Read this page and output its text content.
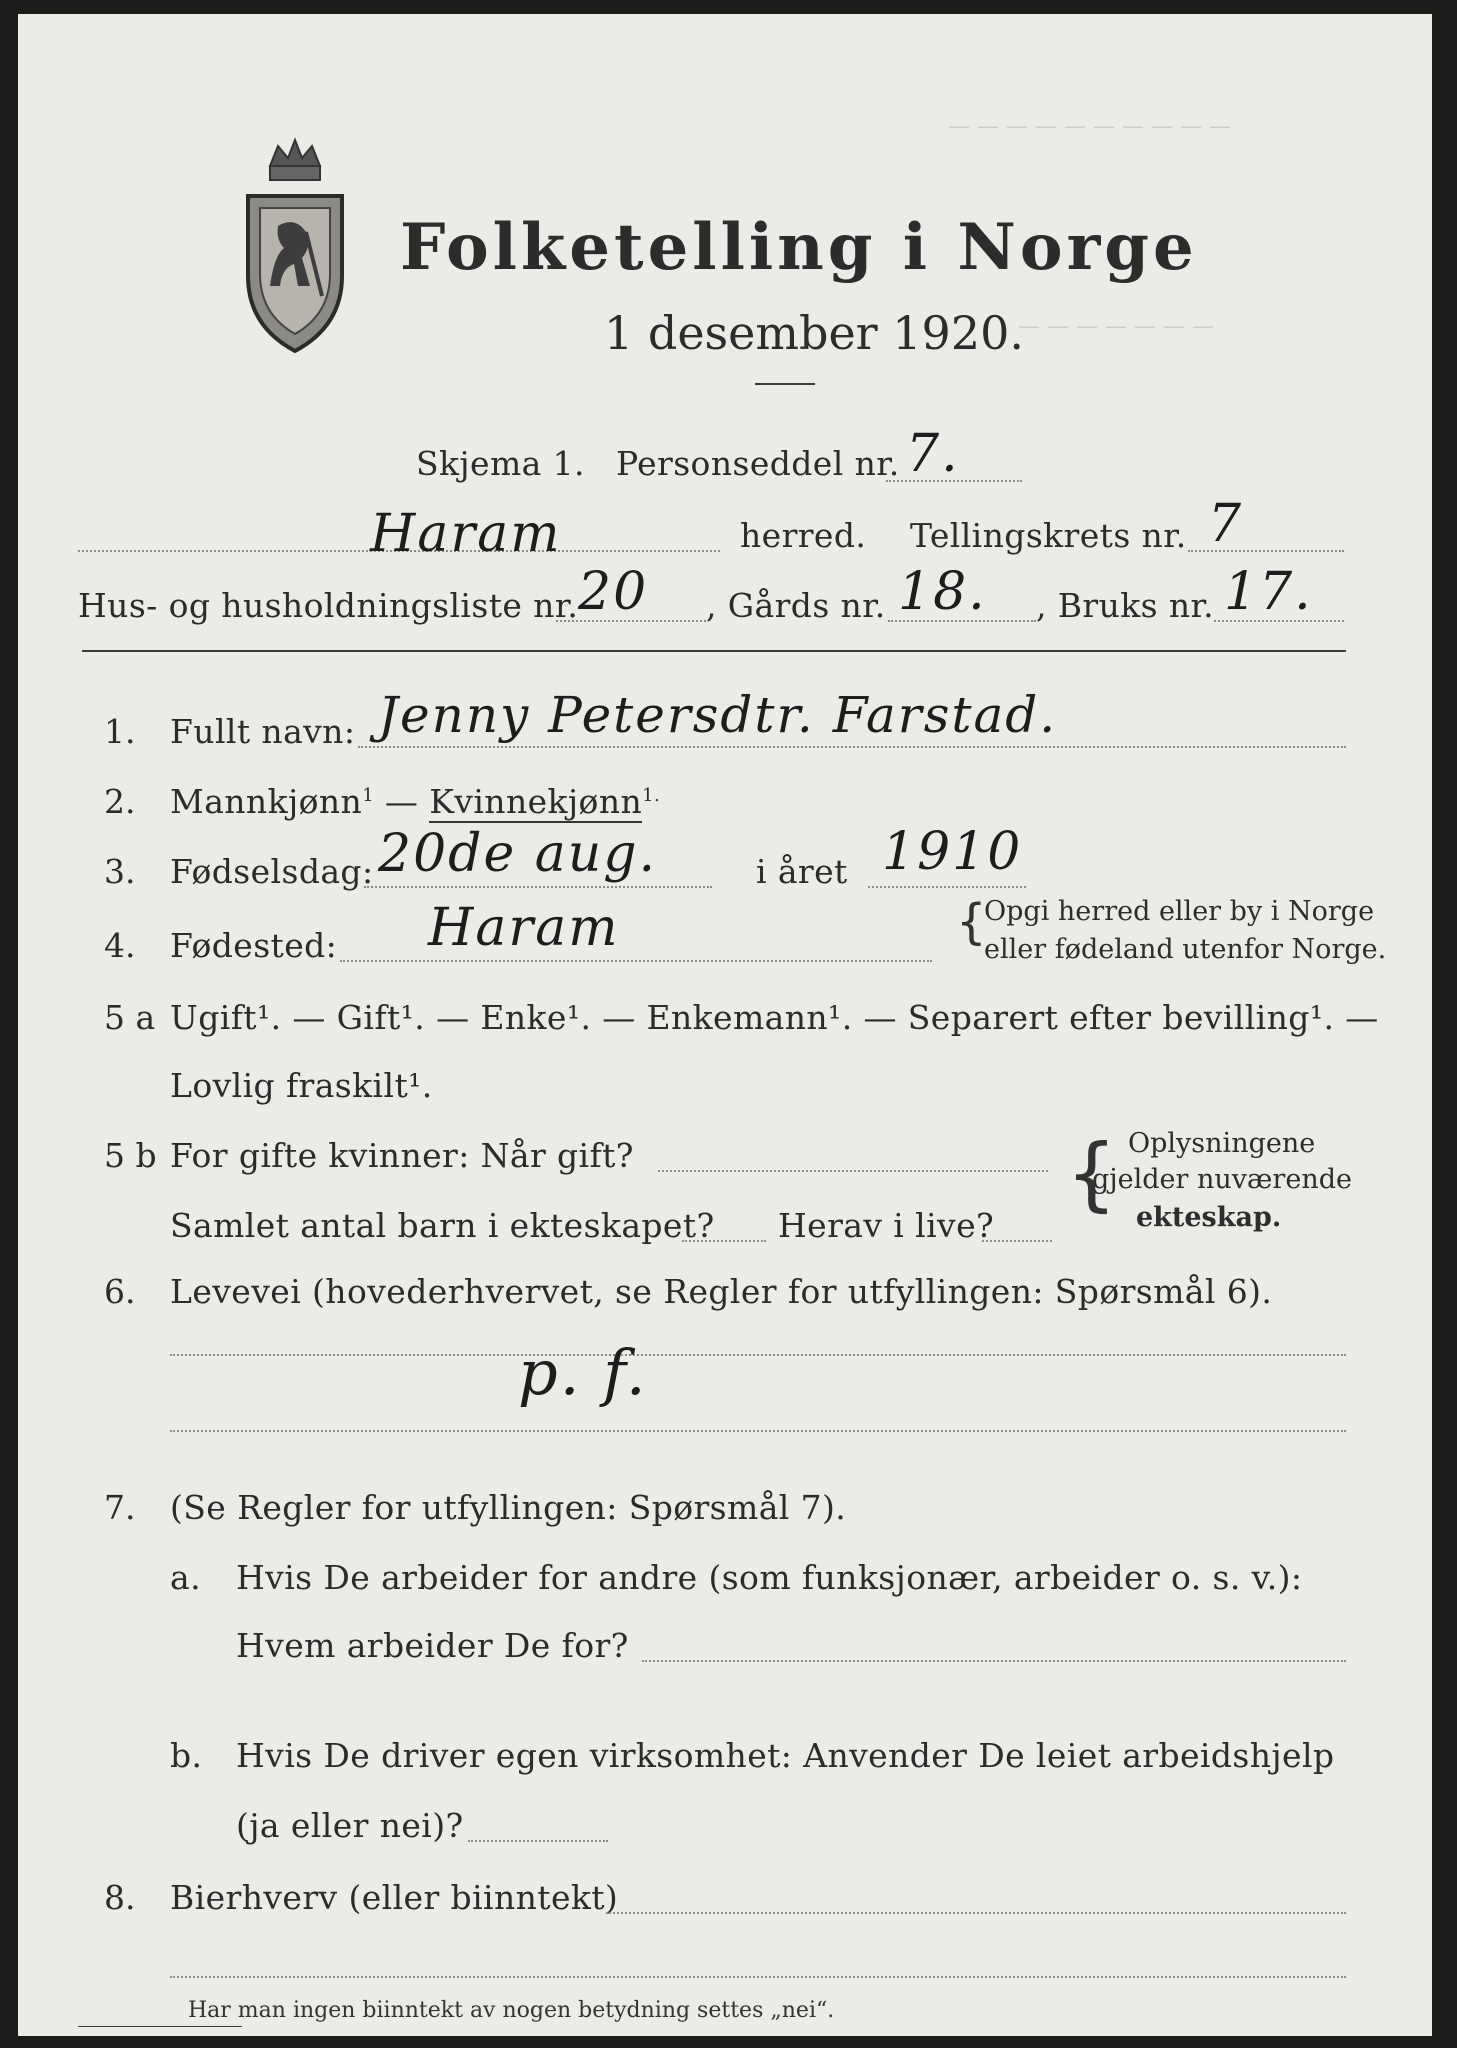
— — — — — — — — — —
— — — — — — —
Folketelling i Norge
1 desember 1920.
Skjema 1. Personseddel nr. 7.
Haram	herred. Tellingskrets nr. 7
Hus- og husholdningsliste nr. 20 , Gårds nr. 18. , Bruks nr. 17.
1. Fullt navn: Jenny Petersdtr. Farstad.
2. Mannkjønn$^1$ — Kvinnekjønn$^{1.}$
3. Fødselsdag: 20de aug.	i året 1910
4. Fødested: Haram	{
Opgi herred eller by i Norge
eller fødeland utenfor Norge.
5 a Ugift¹. — Gift¹. — Enke¹. — Enkemann¹. — Separert efter bevilling¹. —
Lovlig fraskilt¹.
5 b For gifte kvinner: Når gift?
Samlet antal barn i ekteskapet? Herav i live?
{ Oplysningene
gjelder nuværende
ekteskap.
6. Levevei (hovederhvervet, se Regler for utfyllingen: Spørsmål 6).
p. f.
7. (Se Regler for utfyllingen: Spørsmål 7).
a. Hvis De arbeider for andre (som funksjonær, arbeider o. s. v.):
Hvem arbeider De for?
b. Hvis De driver egen virksomhet: Anvender De leiet arbeidshjelp
(ja eller nei)?
8. Bierhverv (eller biinntekt)
Har man ingen biinntekt av nogen betydning settes „nei“.
